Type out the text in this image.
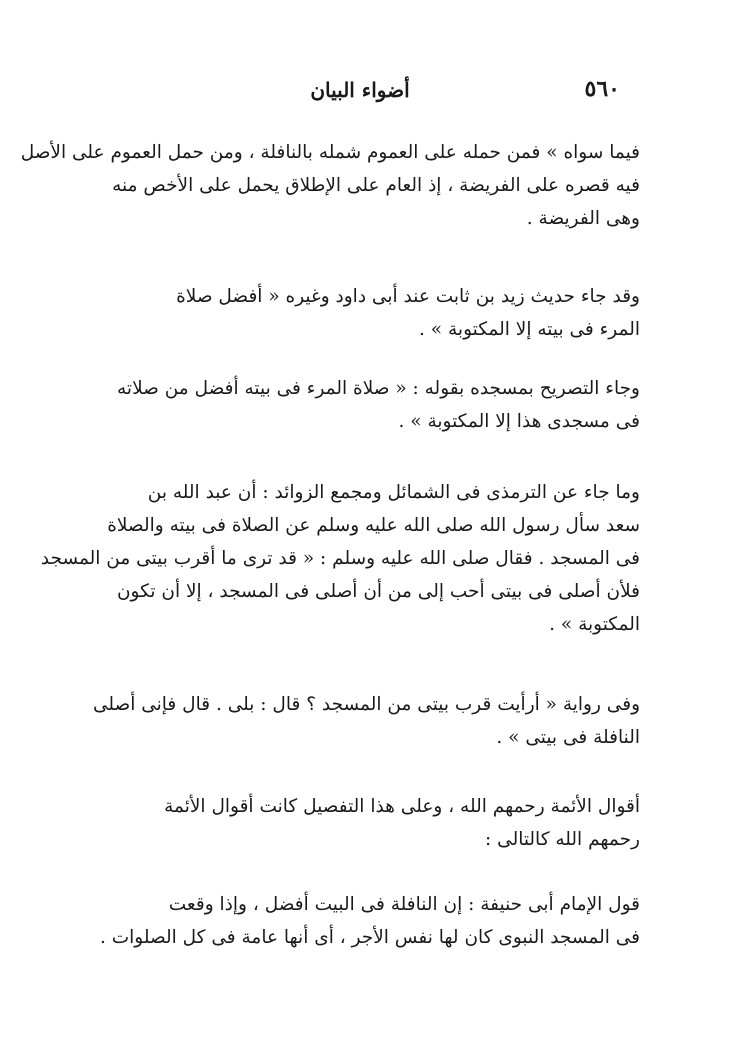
٥٦٠
أضواء البيان

فيما سواه » فمن حمله على العموم شمله بالنافلة ، ومن حمل العموم على الأصل
فيه قصره على الفريضة ، إذ العام على الإطلاق يحمل على الأخص منه
وهى الفريضة .

وقد جاء حديث زيد بن ثابت عند أبى داود وغيره « أفضل صلاة
المرء فى بيته إلا المكتوبة » .

وجاء التصريح بمسجده بقوله : « صلاة المرء فى بيته أفضل من صلاته
فى مسجدى هذا إلا المكتوبة » .

وما جاء عن الترمذى فى الشمائل ومجمع الزوائد : أن عبد الله بن
سعد سأل رسول الله صلى الله عليه وسلم عن الصلاة فى بيته والصلاة
فى المسجد . فقال صلى الله عليه وسلم : « قد ترى ما أقرب بيتى من المسجد
فلأن أصلى فى بيتى أحب إلى من أن أصلى فى المسجد ، إلا أن تكون
المكتوبة » .

وفى رواية « أرأيت قرب بيتى من المسجد ؟ قال : بلى . قال فإنى أصلى
النافلة فى بيتى » .

أقوال الأئمة رحمهم الله ، وعلى هذا التفصيل كانت أقوال الأئمة
رحمهم الله كالتالى :

قول الإمام أبى حنيفة : إن النافلة فى البيت أفضل ، وإذا وقعت
فى المسجد النبوى كان لها نفس الأجر ، أى أنها عامة فى كل الصلوات .
